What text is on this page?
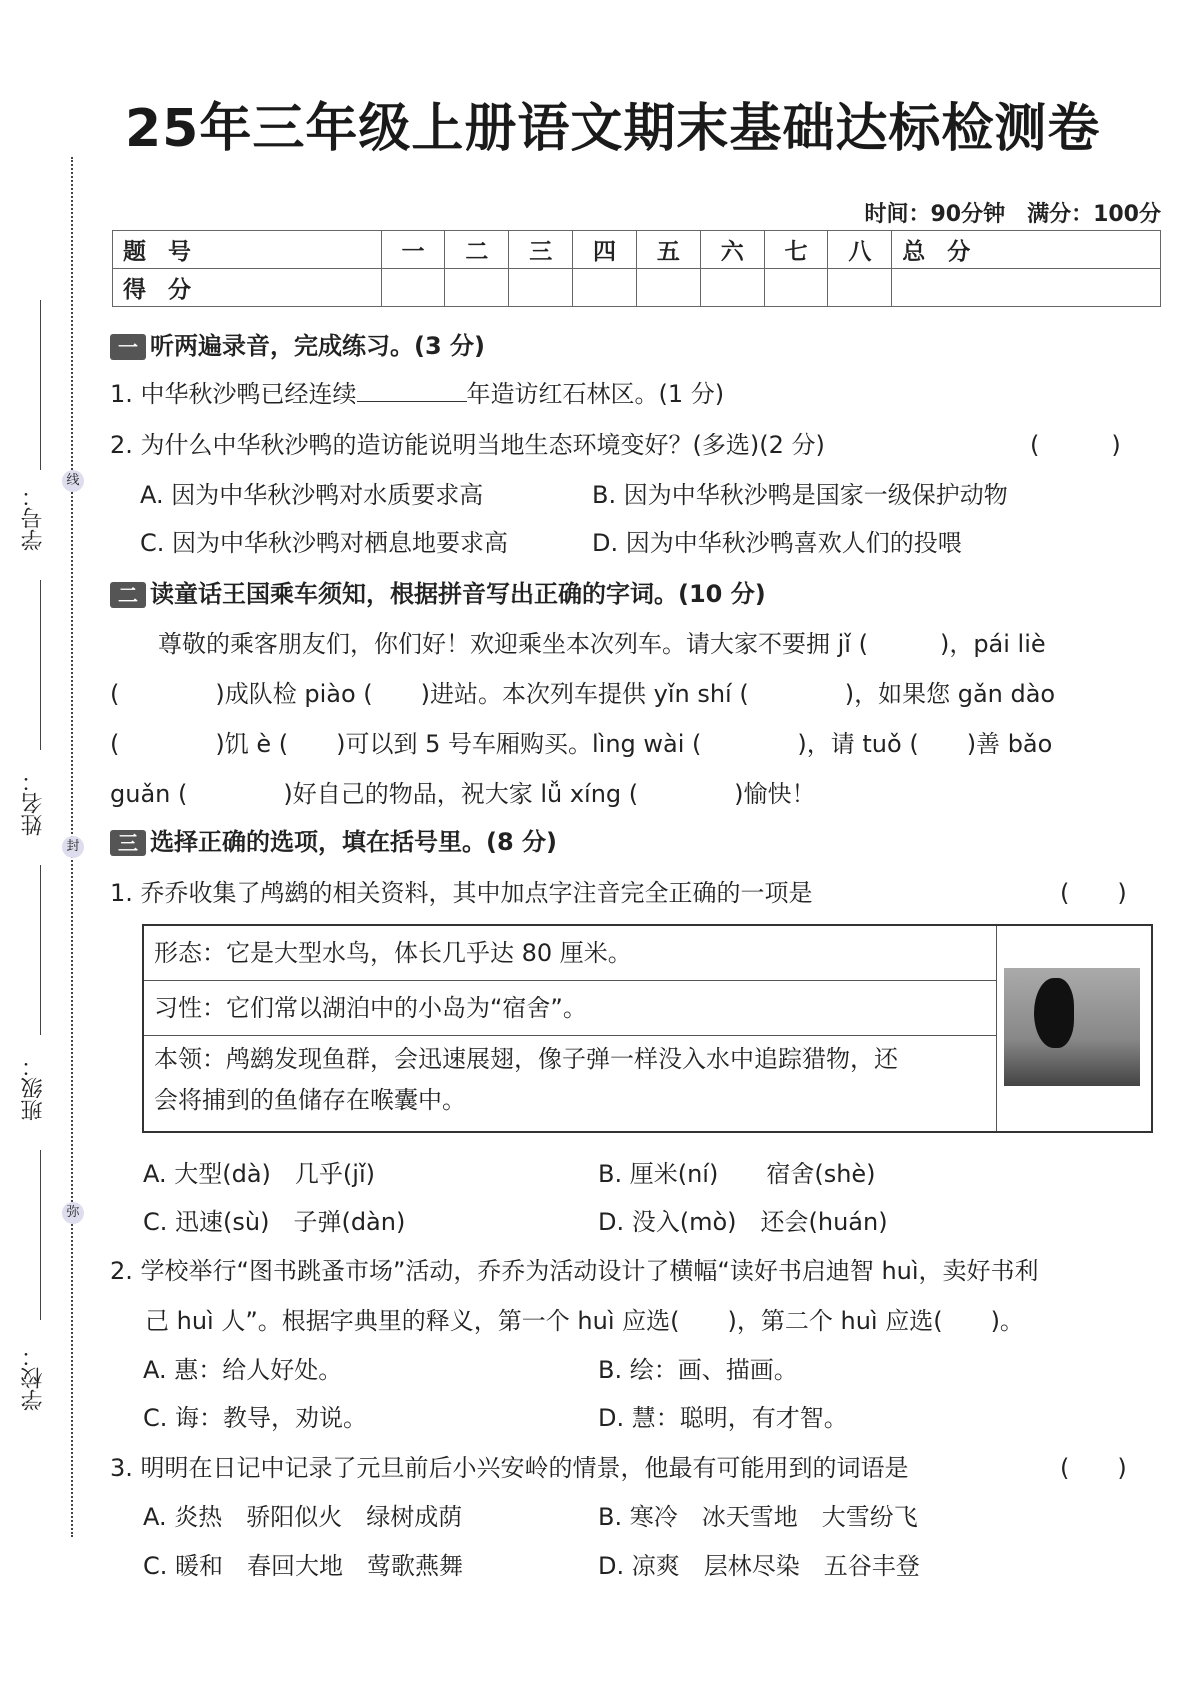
学号：
姓名：
班级：
学校：
线
封
弥
25年三年级上册语文期末基础达标检测卷
时间：90分钟　满分：100分
题号	一	二	三	四	五	六	七	八	总分
得分									
一 听两遍录音，完成练习。(3 分)
1. 中华秋沙鸭已经连续	年造访红石林区。(1 分)
2. 为什么中华秋沙鸭的造访能说明当地生态环境变好？(多选)(2 分)	(　　　)
A. 因为中华秋沙鸭对水质要求高	B. 因为中华秋沙鸭是国家一级保护动物
C. 因为中华秋沙鸭对栖息地要求高	D. 因为中华秋沙鸭喜欢人们的投喂
二 读童话王国乘车须知，根据拼音写出正确的字词。(10 分)
　　尊敬的乘客朋友们，你们好！欢迎乘坐本次列车。请大家不要拥 jǐ (　　　)，pái liè
(　　　　)成队检 piào (　　)进站。本次列车提供 yǐn shí (　　　　)，如果您 gǎn dào
(　　　　)饥 è (　　)可以到 5 号车厢购买。lìng wài (　　　　)，请 tuǒ (　　)善 bǎo
guǎn (　　　　)好自己的物品，祝大家 lǚ xíng (　　　　)愉快！
三 选择正确的选项，填在括号里。(8 分)
1. 乔乔收集了鸬鹚的相关资料，其中加点字注音完全正确的一项是	(　　)
形态：它是大型水鸟，体长几乎达 80 厘米。
习性：它们常以湖泊中的小岛为“宿舍”。
本领：鸬鹚发现鱼群，会迅速展翅，像子弹一样没入水中追踪猎物，还
会将捕到的鱼储存在喉囊中。
A. 大型(dà)　几乎(jǐ)	B. 厘米(ní)　　宿舍(shè)
C. 迅速(sù)　子弹(dàn)	D. 没入(mò)　还会(huán)
2. 学校举行“图书跳蚤市场”活动，乔乔为活动设计了横幅“读好书启迪智 huì，卖好书利
己 huì 人”。根据字典里的释义，第一个 huì 应选(　　)，第二个 huì 应选(　　)。
A. 惠：给人好处。	B. 绘：画、描画。
C. 诲：教导，劝说。	D. 慧：聪明，有才智。
3. 明明在日记中记录了元旦前后小兴安岭的情景，他最有可能用到的词语是	(　　)
A. 炎热　骄阳似火　绿树成荫	B. 寒冷　冰天雪地　大雪纷飞
C. 暖和　春回大地　莺歌燕舞	D. 凉爽　层林尽染　五谷丰登
